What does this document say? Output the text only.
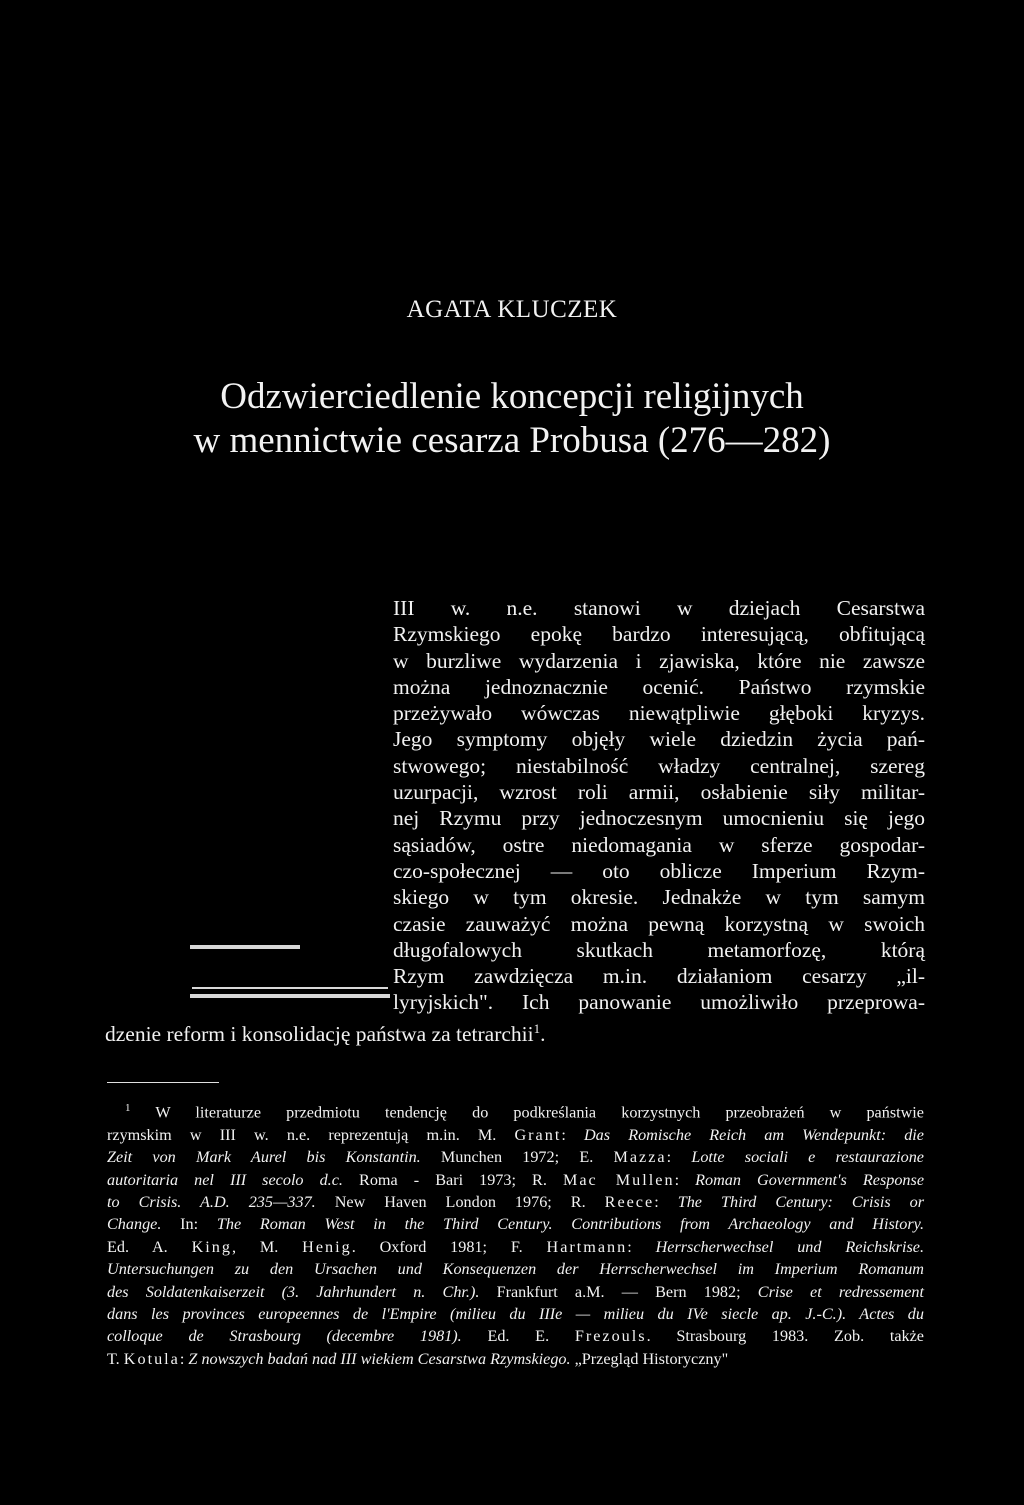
AGATA KLUCZEK
Odzwierciedlenie koncepcji religijnych
w mennictwie cesarza Probusa (276—282)
III w. n.e. stanowi w dziejach Cesarstwa
Rzymskiego epokę bardzo interesującą, obfitującą
w burzliwe wydarzenia i zjawiska, które nie zawsze
można jednoznacznie ocenić. Państwo rzymskie
przeżywało wówczas niewątpliwie głęboki kryzys.
Jego symptomy objęły wiele dziedzin życia pań-
stwowego; niestabilność władzy centralnej, szereg
uzurpacji, wzrost roli armii, osłabienie siły militar-
nej Rzymu przy jednoczesnym umocnieniu się jego
sąsiadów, ostre niedomagania w sferze gospodar-
czo-społecznej — oto oblicze Imperium Rzym-
skiego w tym okresie. Jednakże w tym samym
czasie zauważyć można pewną korzystną w swoich
długofalowych skutkach metamorfozę, którą
Rzym zawdzięcza m.in. działaniom cesarzy „il-
lyryjskich". Ich panowanie umożliwiło przeprowa-
dzenie reform i konsolidację państwa za tetrarchii$^1$.
$^1$ W literaturze przedmiotu tendencję do podkreślania korzystnych przeobrażeń w państwie
rzymskim w III w. n.e. reprezentują m.in. M. Grant: Das Romische Reich am Wendepunkt: die
Zeit von Mark Aurel bis Konstantin. Munchen 1972; E. Mazza: Lotte sociali e restaurazione
autoritaria nel III secolo d.c. Roma - Bari 1973; R. Mac Mullen: Roman Government's Response
to Crisis. A.D. 235—337. New Haven London 1976; R. Reece: The Third Century: Crisis or
Change. In: The Roman West in the Third Century. Contributions from Archaeology and History.
Ed. A. King, M. Henig. Oxford 1981; F. Hartmann: Herrscherwechsel und Reichskrise.
Untersuchungen zu den Ursachen und Konsequenzen der Herrscherwechsel im Imperium Romanum
des Soldatenkaiserzeit (3. Jahrhundert n. Chr.). Frankfurt a.M. — Bern 1982; Crise et redressement
dans les provinces europeennes de l'Empire (milieu du IIIe — milieu du IVe siecle ap. J.-C.). Actes du
colloque de Strasbourg (decembre 1981). Ed. E. Frezouls. Strasbourg 1983. Zob. także
T. Kotula: Z nowszych badań nad III wiekiem Cesarstwa Rzymskiego. „Przegląd Historyczny"
